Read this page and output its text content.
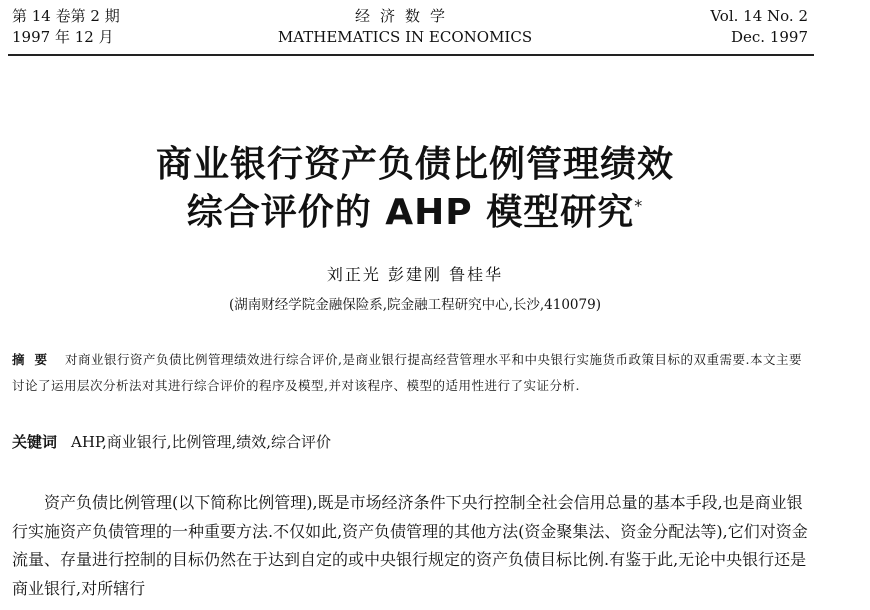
第 14 卷第 2 期
1997 年 12 月
经济数学
MATHEMATICS IN ECONOMICS
Vol. 14 No. 2
Dec. 1997
商业银行资产负债比例管理绩效
综合评价的 AHP 模型研究*
刘正光 彭建刚 鲁桂华
(湖南财经学院金融保险系,院金融工程研究中心,长沙,410079)
摘要 对商业银行资产负债比例管理绩效进行综合评价,是商业银行提高经营管理水平和中央银行实施货币政策目标的双重需要.本文主要讨论了运用层次分析法对其进行综合评价的程序及模型,并对该程序、模型的适用性进行了实证分析.
关键词 AHP,商业银行,比例管理,绩效,综合评价
资产负债比例管理(以下简称比例管理),既是市场经济条件下央行控制全社会信用总量的基本手段,也是商业银行实施资产负债管理的一种重要方法.不仅如此,资产负债管理的其他方法(资金聚集法、资金分配法等),它们对资金流量、存量进行控制的目标仍然在于达到自定的或中央银行规定的资产负债目标比例.有鉴于此,无论中央银行还是商业银行,对所辖行
